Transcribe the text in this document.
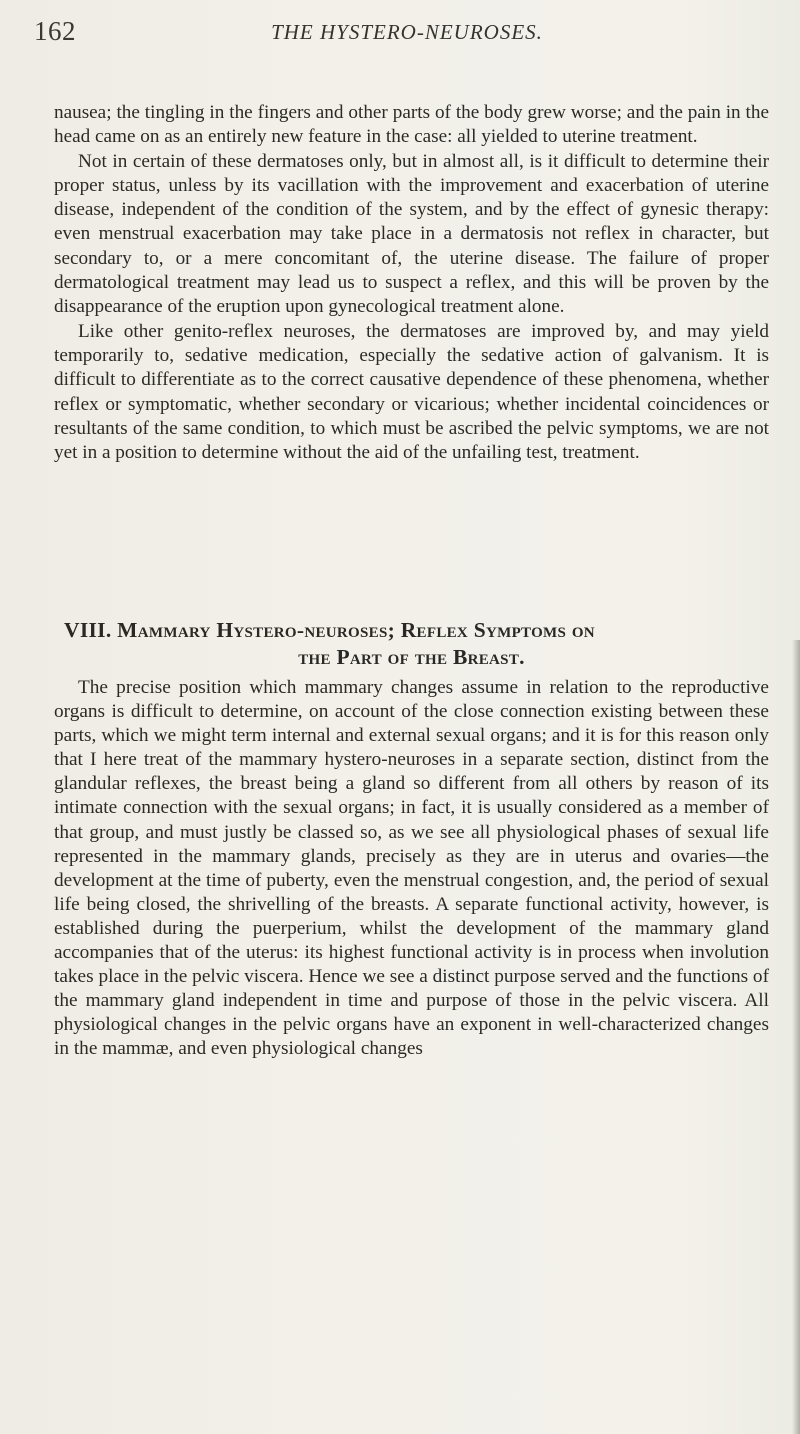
162	THE HYSTERO-NEUROSES.

nausea; the tingling in the fingers and other parts of the body grew worse; and the pain in the head came on as an entirely new feature in the case: all yielded to uterine treatment.

Not in certain of these dermatoses only, but in almost all, is it difficult to determine their proper status, unless by its vacillation with the improvement and exacerbation of uterine disease, independent of the condition of the system, and by the effect of gynesic therapy: even menstrual exacerbation may take place in a dermatosis not reflex in character, but secondary to, or a mere concomitant of, the uterine disease. The failure of proper dermatological treatment may lead us to suspect a reflex, and this will be proven by the disappearance of the eruption upon gynecological treatment alone.

Like other genito-reflex neuroses, the dermatoses are improved by, and may yield temporarily to, sedative medication, especially the sedative action of galvanism. It is difficult to differentiate as to the correct causative dependence of these phenomena, whether reflex or symptomatic, whether secondary or vicarious; whether incidental coincidences or resultants of the same condition, to which must be ascribed the pelvic symptoms, we are not yet in a position to determine without the aid of the unfailing test, treatment.

VIII. Mammary Hystero-neuroses; Reflex Symptoms on
the Part of the Breast.

The precise position which mammary changes assume in relation to the reproductive organs is difficult to determine, on account of the close connection existing between these parts, which we might term internal and external sexual organs; and it is for this reason only that I here treat of the mammary hystero-neuroses in a separate section, distinct from the glandular reflexes, the breast being a gland so different from all others by reason of its intimate connection with the sexual organs; in fact, it is usually considered as a member of that group, and must justly be classed so, as we see all physiological phases of sexual life represented in the mammary glands, precisely as they are in uterus and ovaries—the development at the time of puberty, even the menstrual congestion, and, the period of sexual life being closed, the shrivelling of the breasts. A separate functional activity, however, is established during the puerperium, whilst the development of the mammary gland accompanies that of the uterus: its highest functional activity is in process when involution takes place in the pelvic viscera. Hence we see a distinct purpose served and the functions of the mammary gland independent in time and purpose of those in the pelvic viscera. All physiological changes in the pelvic organs have an exponent in well-characterized changes in the mammæ, and even physiological changes
